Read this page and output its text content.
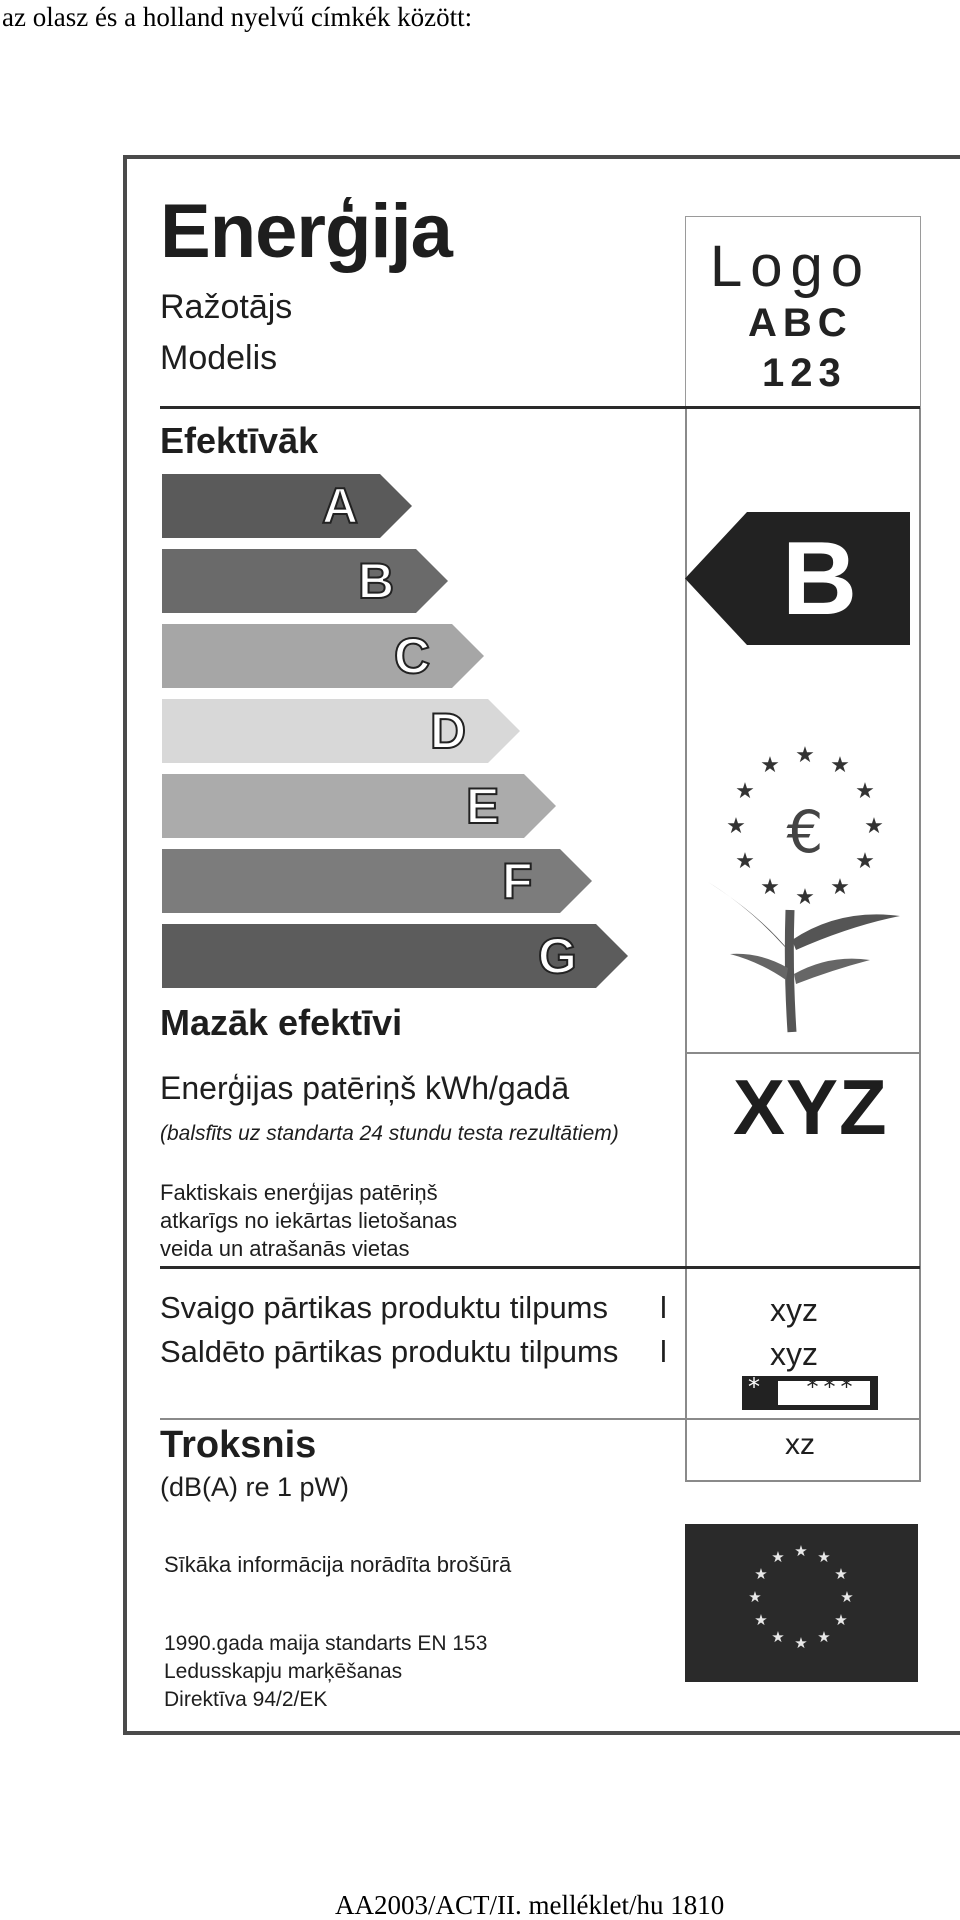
az olasz és a holland nyelvű címkék között:
Enerģija
Ražotājs
Modelis
Logo
ABC
123
Efektīvāk
A
B
C
D
E
F
G
Mazāk efektīvi
B
★ ★
★
★
★
★
★
★
★
★
★
★
€
Enerģijas patēriņš kWh/gadā
(balsfīts uz standarta 24 stundu testa rezultātiem)
Faktiskais enerģijas patēriņš
atkarīgs no iekārtas lietošanas
veida un atrašanās vietas
XYZ
Svaigo pārtikas produktu tilpums l	xyz
Saldēto pārtikas produktu tilpums l	xyz
*	***
Troksnis
(dB(A) re 1 pW)
xz
Sīkāka informācija norādīta brošūrā
1990.gada maija standarts EN 153
Ledusskapju marķēšanas
Direktīva 94/2/EK
★ ★
★
★
★
★
★
★
★
★
★
★
AA2003/ACT/II. melléklet/hu 1810
